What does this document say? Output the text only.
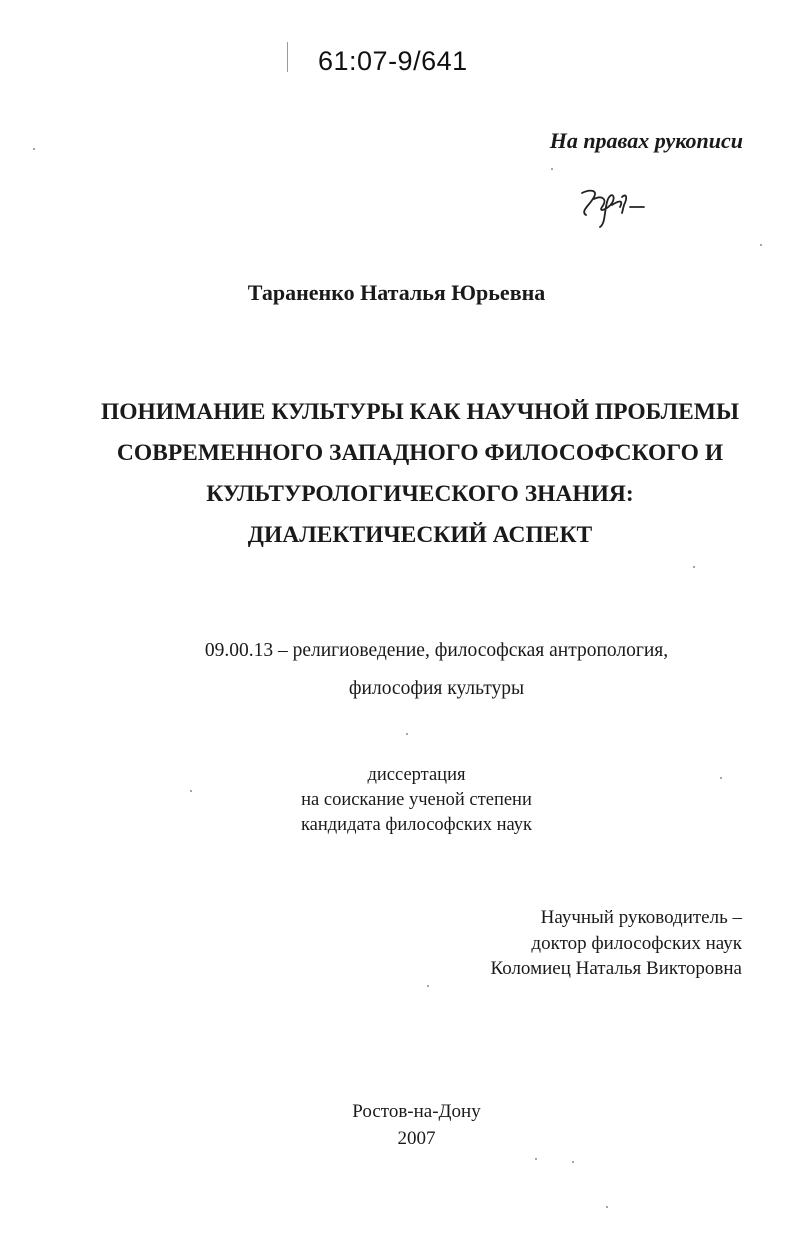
61:07-9/641
На правах рукописи
Тараненко Наталья Юрьевна
ПОНИМАНИЕ КУЛЬТУРЫ КАК НАУЧНОЙ ПРОБЛЕМЫ
СОВРЕМЕННОГО ЗАПАДНОГО ФИЛОСОФСКОГО И
КУЛЬТУРОЛОГИЧЕСКОГО ЗНАНИЯ:
ДИАЛЕКТИЧЕСКИЙ АСПЕКТ
09.00.13 – религиоведение, философская антропология,
философия культуры
диссертация
на соискание ученой степени
кандидата философских наук
Научный руководитель –
доктор философских наук
Коломиец Наталья Викторовна
Ростов-на-Дону
2007
